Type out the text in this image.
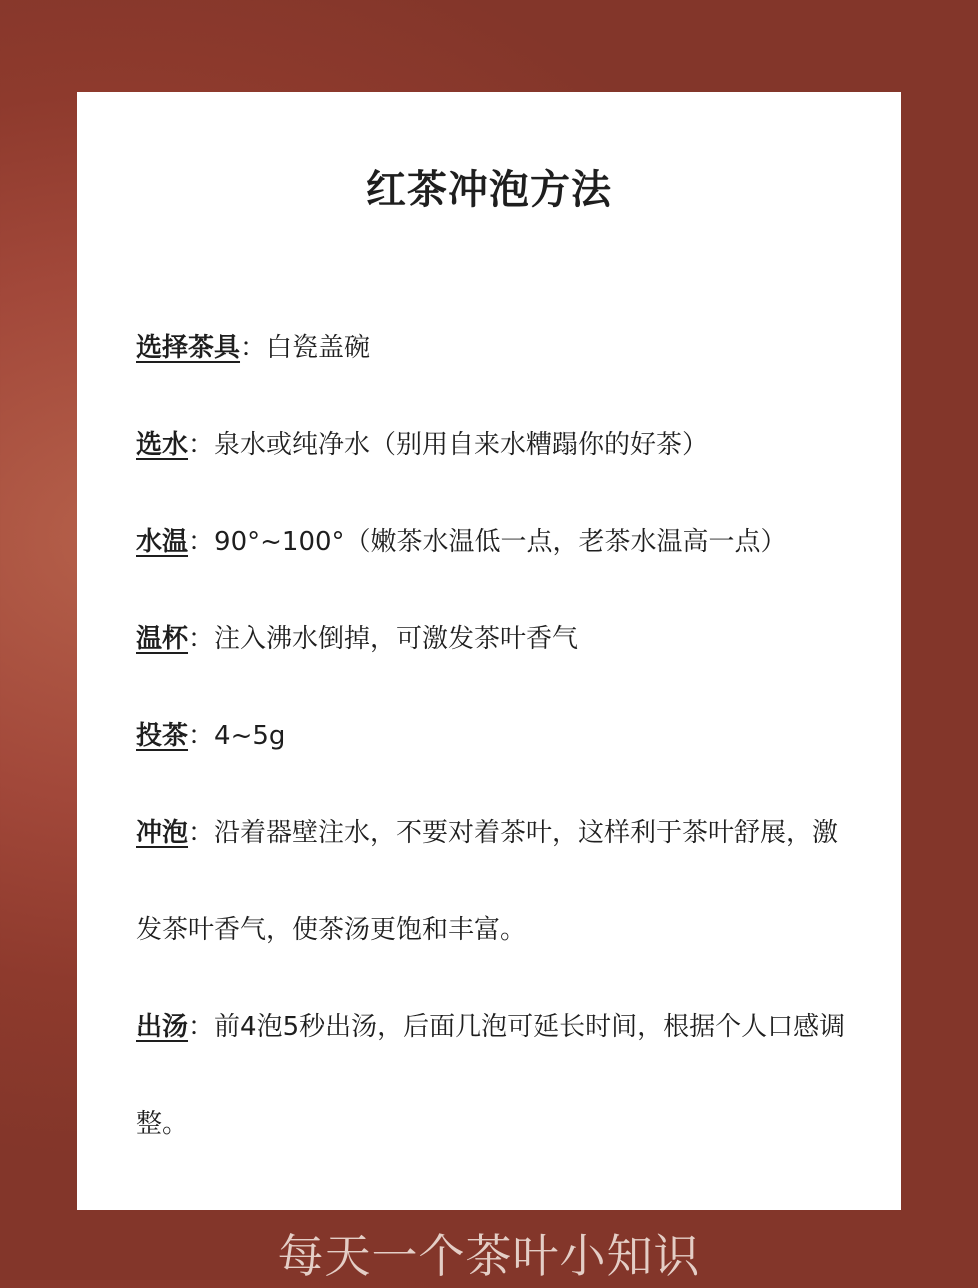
红茶冲泡方法
选择茶具：白瓷盖碗
选水：泉水或纯净水（别用自来水糟蹋你的好茶）
水温：90°~100°（嫩茶水温低一点，老茶水温高一点）
温杯：注入沸水倒掉，可激发茶叶香气
投茶：4~5g
冲泡：沿着器壁注水，不要对着茶叶，这样利于茶叶舒展，激发茶叶香气，使茶汤更饱和丰富。
出汤：前4泡5秒出汤，后面几泡可延长时间，根据个人口感调整。
每天一个茶叶小知识
